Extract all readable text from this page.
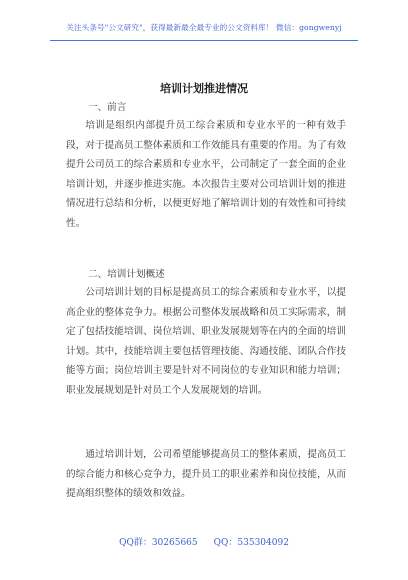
关注头条号"公文研究"，获得最新最全最专业的公文资料库！ 微信：gongwenyj
培训计划推进情况
一、前言
培训是组织内部提升员工综合素质和专业水平的一种有效手段，对于提高员工整体素质和工作效能具有重要的作用。为了有效提升公司员工的综合素质和专业水平，公司制定了一套全面的企业培训计划，并逐步推进实施。本次报告主要对公司培训计划的推进情况进行总结和分析，以便更好地了解培训计划的有效性和可持续性。
二、培训计划概述
公司培训计划的目标是提高员工的综合素质和专业水平，以提高企业的整体竞争力。根据公司整体发展战略和员工实际需求，制定了包括技能培训、岗位培训、职业发展规划等在内的全面的培训计划。其中，技能培训主要包括管理技能、沟通技能、团队合作技能等方面；岗位培训主要是针对不同岗位的专业知识和能力培训；职业发展规划是针对员工个人发展规划的培训。
通过培训计划，公司希望能够提高员工的整体素质，提高员工的综合能力和核心竞争力，提升员工的职业素养和岗位技能，从而提高组织整体的绩效和效益。
QQ群：30265665 QQ：535304092
